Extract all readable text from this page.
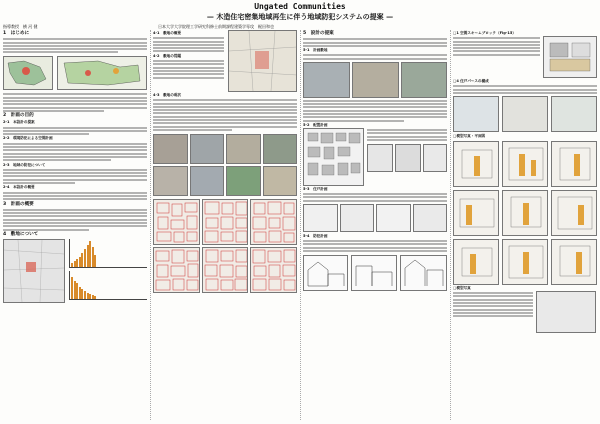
Ungated Communities
— 木造住宅密集地域再生に伴う地域防犯システムの提案 —
指導教授　横 河 健	日本大学大学院理工学研究科修士前期課程建築学専攻　梶田和也
1　はじめに
2　計画の目的
2-1　本設計の提案
2-2　環境防犯による空間計画
2-3　地域の防犯について
2-4　本設計の概要
3　計画の概要
4　敷地について
4-1　敷地の概要
4-2　敷地の問題
4-3　敷地の現状
5　設計の提案
5-1　計画敷地
5-2　配置計画
5-3　住戸計画
5-4　防犯計画
□1 空間スキームブロック（Fig-15）
□4 住戸パースの構成
□模型写真・平面図
□模型写真
